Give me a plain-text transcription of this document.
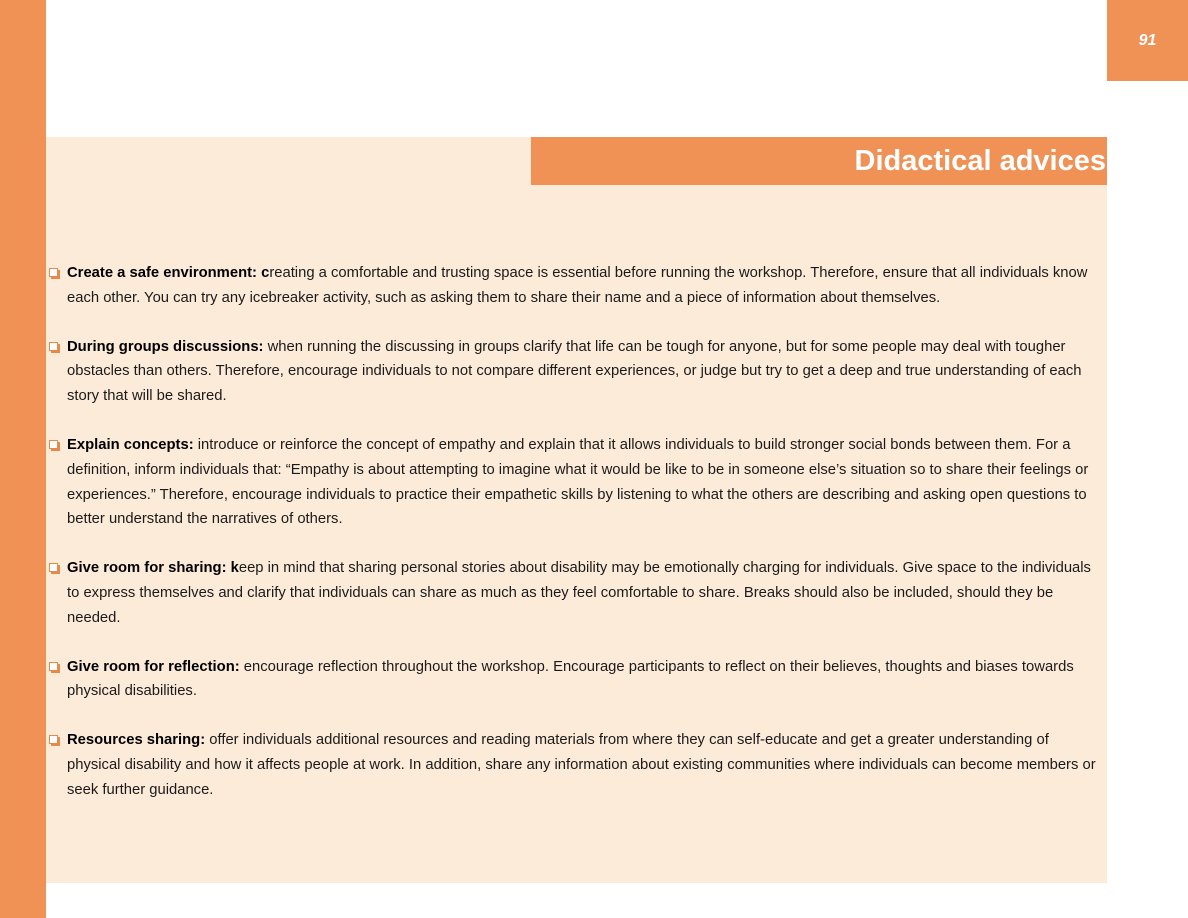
91
Didactical advices
Create a safe environment: creating a comfortable and trusting space is essential before running the workshop. Therefore, ensure that all individuals know each other. You can try any icebreaker activity, such as asking them to share their name and a piece of information about themselves.
During groups discussions: when running the discussing in groups clarify that life can be tough for anyone, but for some people may deal with tougher obstacles than others. Therefore, encourage individuals to not compare different experiences, or judge but try to get a deep and true understanding of each story that will be shared.
Explain concepts: introduce or reinforce the concept of empathy and explain that it allows individuals to build stronger social bonds between them. For a definition, inform individuals that: “Empathy is about attempting to imagine what it would be like to be in someone else’s situation so to share their feelings or experiences.” Therefore, encourage individuals to practice their empathetic skills by listening to what the others are describing and asking open questions to better understand the narratives of others.
Give room for sharing: keep in mind that sharing personal stories about disability may be emotionally charging for individuals. Give space to the individuals to express themselves and clarify that individuals can share as much as they feel comfortable to share. Breaks should also be included, should they be needed.
Give room for reflection: encourage reflection throughout the workshop. Encourage participants to reflect on their believes, thoughts and biases towards physical disabilities.
Resources sharing: offer individuals additional resources and reading materials from where they can self-educate and get a greater understanding of physical disability and how it affects people at work. In addition, share any information about existing communities where individuals can become members or seek further guidance.
